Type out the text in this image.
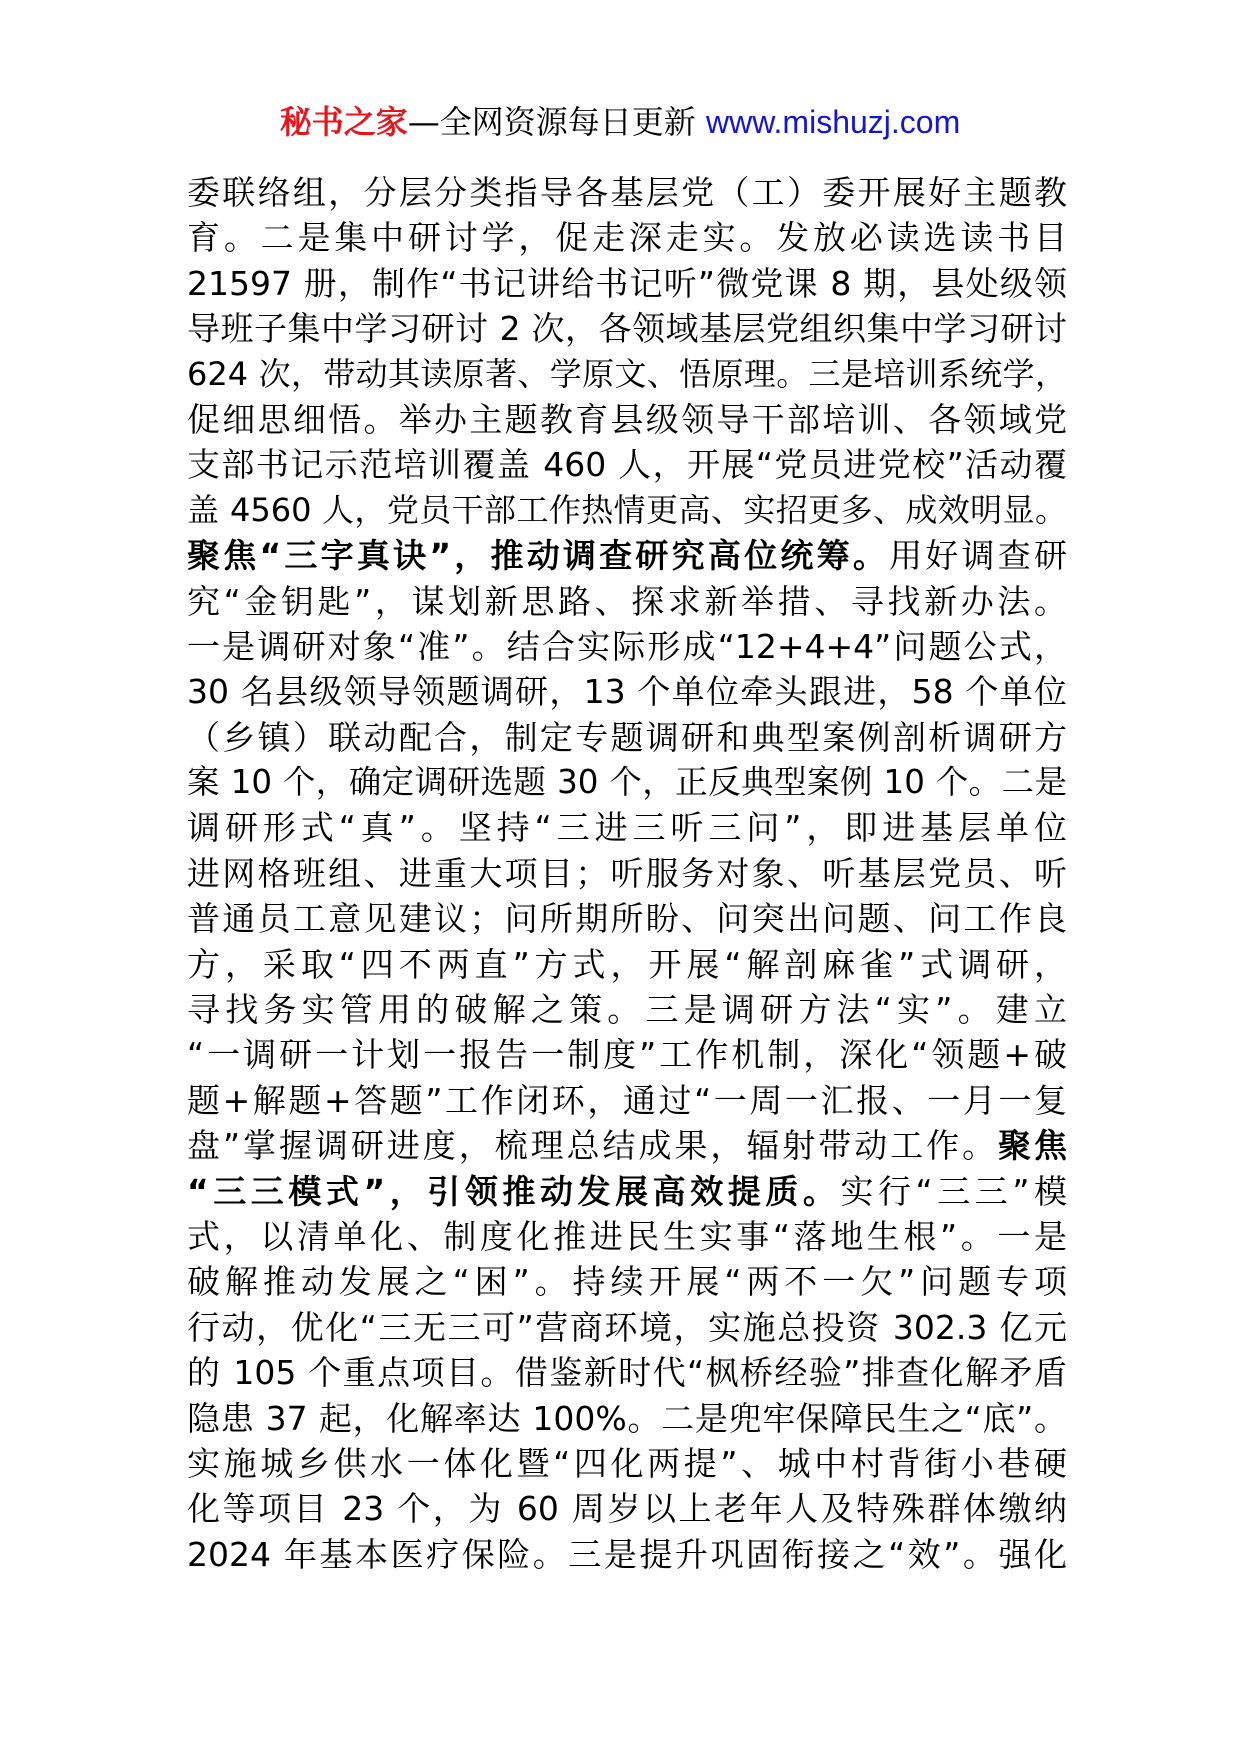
秘书之家—全网资源每日更新 www.mishuzj.com
委联络组，分层分类指导各基层党（工）委开展好主题教
育。二是集中研讨学，促走深走实。发放必读选读书目
21597 册，制作“书记讲给书记听”微党课 8 期，县处级领
导班子集中学习研讨 2 次，各领域基层党组织集中学习研讨
624 次，带动其读原著、学原文、悟原理。三是培训系统学，
促细思细悟。举办主题教育县级领导干部培训、各领域党
支部书记示范培训覆盖 460 人，开展“党员进党校”活动覆
盖 4560 人，党员干部工作热情更高、实招更多、成效明显。
聚焦“三字真诀”，推动调查研究高位统筹。用好调查研
究“金钥匙”，谋划新思路、探求新举措、寻找新办法。
一是调研对象“准”。结合实际形成“12+4+4”问题公式，
30 名县级领导领题调研，13 个单位牵头跟进，58 个单位
（乡镇）联动配合，制定专题调研和典型案例剖析调研方
案 10 个，确定调研选题 30 个，正反典型案例 10 个。二是
调研形式“真”。坚持“三进三听三问”，即进基层单位
进网格班组、进重大项目；听服务对象、听基层党员、听
普通员工意见建议；问所期所盼、问突出问题、问工作良
方，采取“四不两直”方式，开展“解剖麻雀”式调研，
寻找务实管用的破解之策。三是调研方法“实”。建立
“一调研一计划一报告一制度”工作机制，深化“领题+破
题+解题+答题”工作闭环，通过“一周一汇报、一月一复
盘”掌握调研进度，梳理总结成果，辐射带动工作。聚焦
“三三模式”，引领推动发展高效提质。实行“三三”模
式，以清单化、制度化推进民生实事“落地生根”。一是
破解推动发展之“困”。持续开展“两不一欠”问题专项
行动，优化“三无三可”营商环境，实施总投资 302.3 亿元
的 105 个重点项目。借鉴新时代“枫桥经验”排查化解矛盾
隐患 37 起，化解率达 100%。二是兜牢保障民生之“底”。
实施城乡供水一体化暨“四化两提”、城中村背街小巷硬
化等项目 23 个，为 60 周岁以上老年人及特殊群体缴纳
2024 年基本医疗保险。三是提升巩固衔接之“效”。强化
